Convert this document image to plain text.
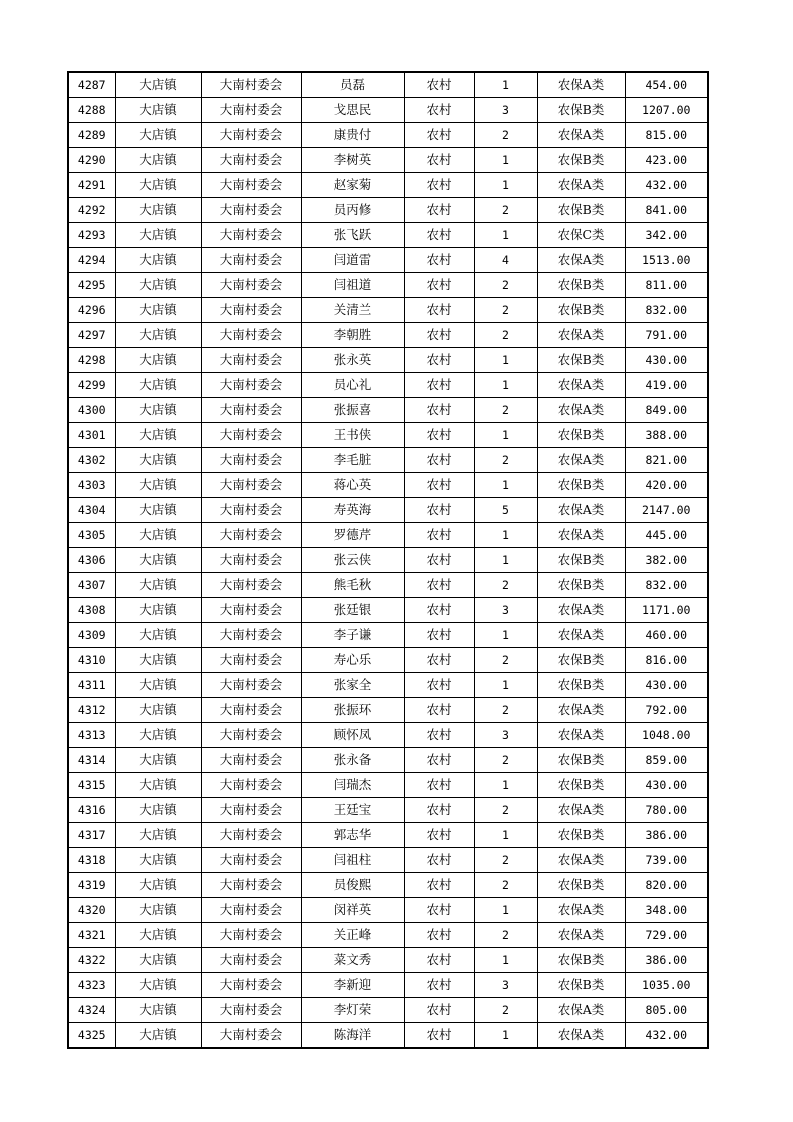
4287	大店镇	大南村委会	员磊	农村	1	农保A类	454.00
4288	大店镇	大南村委会	戈思民	农村	3	农保B类	1207.00
4289	大店镇	大南村委会	康贵付	农村	2	农保A类	815.00
4290	大店镇	大南村委会	李树英	农村	1	农保B类	423.00
4291	大店镇	大南村委会	赵家菊	农村	1	农保A类	432.00
4292	大店镇	大南村委会	员丙修	农村	2	农保B类	841.00
4293	大店镇	大南村委会	张飞跃	农村	1	农保C类	342.00
4294	大店镇	大南村委会	闫道雷	农村	4	农保A类	1513.00
4295	大店镇	大南村委会	闫祖道	农村	2	农保B类	811.00
4296	大店镇	大南村委会	关清兰	农村	2	农保B类	832.00
4297	大店镇	大南村委会	李朝胜	农村	2	农保A类	791.00
4298	大店镇	大南村委会	张永英	农村	1	农保B类	430.00
4299	大店镇	大南村委会	员心礼	农村	1	农保A类	419.00
4300	大店镇	大南村委会	张振喜	农村	2	农保A类	849.00
4301	大店镇	大南村委会	王书侠	农村	1	农保B类	388.00
4302	大店镇	大南村委会	李毛脏	农村	2	农保A类	821.00
4303	大店镇	大南村委会	蒋心英	农村	1	农保B类	420.00
4304	大店镇	大南村委会	寿英海	农村	5	农保A类	2147.00
4305	大店镇	大南村委会	罗德芹	农村	1	农保A类	445.00
4306	大店镇	大南村委会	张云侠	农村	1	农保B类	382.00
4307	大店镇	大南村委会	熊毛秋	农村	2	农保B类	832.00
4308	大店镇	大南村委会	张廷银	农村	3	农保A类	1171.00
4309	大店镇	大南村委会	李子谦	农村	1	农保A类	460.00
4310	大店镇	大南村委会	寿心乐	农村	2	农保B类	816.00
4311	大店镇	大南村委会	张家全	农村	1	农保B类	430.00
4312	大店镇	大南村委会	张振环	农村	2	农保A类	792.00
4313	大店镇	大南村委会	顾怀凤	农村	3	农保A类	1048.00
4314	大店镇	大南村委会	张永备	农村	2	农保B类	859.00
4315	大店镇	大南村委会	闫瑞杰	农村	1	农保B类	430.00
4316	大店镇	大南村委会	王廷宝	农村	2	农保A类	780.00
4317	大店镇	大南村委会	郭志华	农村	1	农保B类	386.00
4318	大店镇	大南村委会	闫祖柱	农村	2	农保A类	739.00
4319	大店镇	大南村委会	员俊熙	农村	2	农保B类	820.00
4320	大店镇	大南村委会	闵祥英	农村	1	农保A类	348.00
4321	大店镇	大南村委会	关正峰	农村	2	农保A类	729.00
4322	大店镇	大南村委会	菜文秀	农村	1	农保B类	386.00
4323	大店镇	大南村委会	李新迎	农村	3	农保B类	1035.00
4324	大店镇	大南村委会	李灯荣	农村	2	农保A类	805.00
4325	大店镇	大南村委会	陈海洋	农村	1	农保A类	432.00
